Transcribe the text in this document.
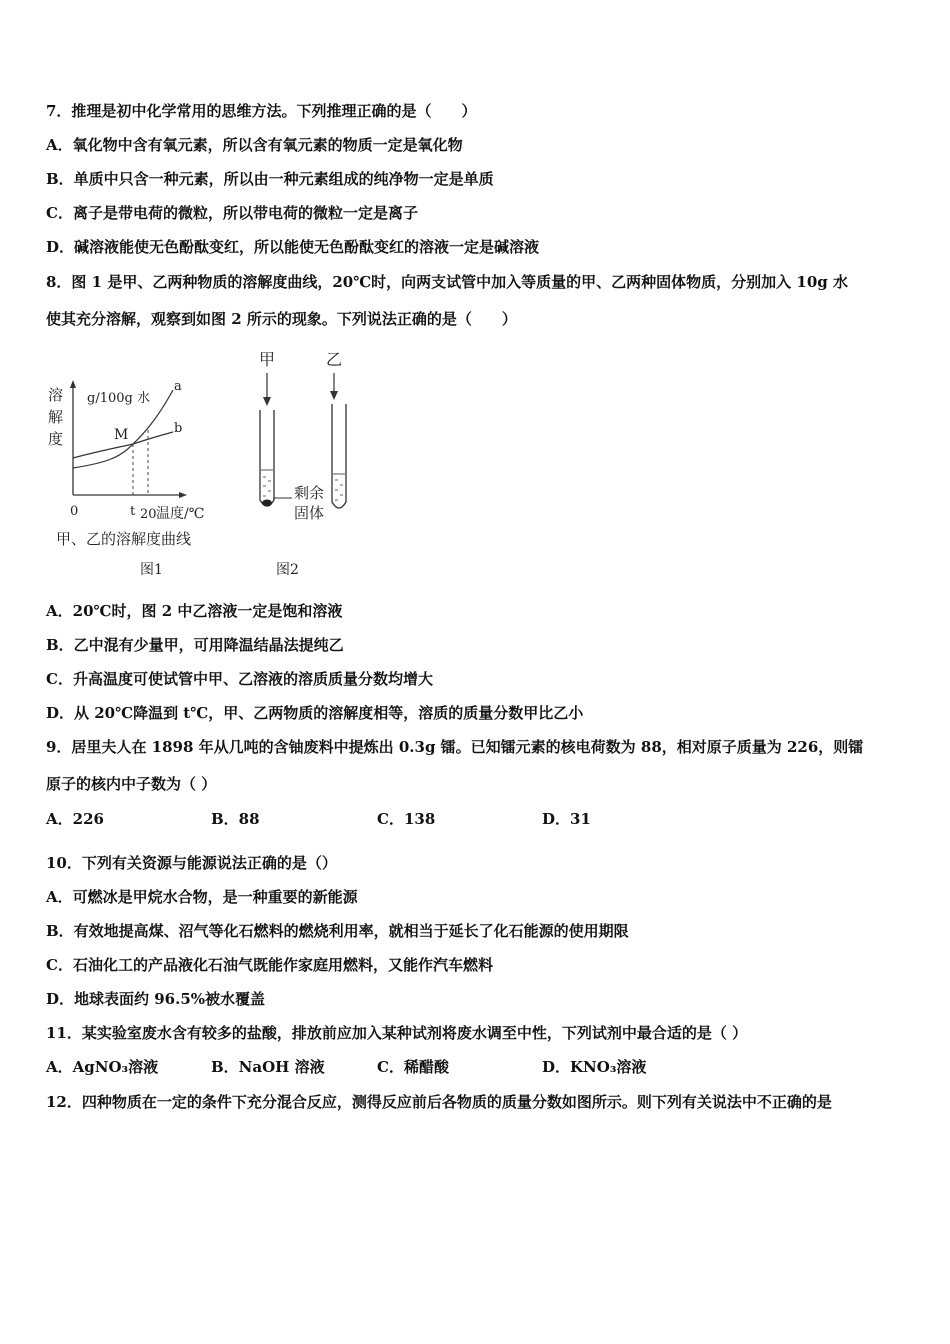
7．推理是初中化学常用的思维方法。下列推理正确的是（　　）
A．氧化物中含有氧元素，所以含有氧元素的物质一定是氧化物
B．单质中只含一种元素，所以由一种元素组成的纯净物一定是单质
C．离子是带电荷的微粒，所以带电荷的微粒一定是离子
D．碱溶液能使无色酚酞变红，所以能使无色酚酞变红的溶液一定是碱溶液
8．图 1 是甲、乙两种物质的溶解度曲线，20℃时，向两支试管中加入等质量的甲、乙两种固体物质，分别加入 10g 水
使其充分溶解，观察到如图 2 所示的现象。下列说法正确的是（　　）
溶
解
度
g/100g 水
a
b
M
0	t 20 温度/℃
甲、乙的溶解度曲线
图1
甲	乙
剩余
固体
图2
A．20℃时，图 2 中乙溶液一定是饱和溶液
B．乙中混有少量甲，可用降温结晶法提纯乙
C．升高温度可使试管中甲、乙溶液的溶质质量分数均增大
D．从 20℃降温到 t℃，甲、乙两物质的溶解度相等，溶质的质量分数甲比乙小
9．居里夫人在 1898 年从几吨的含铀废料中提炼出 0.3g 镭。已知镭元素的核电荷数为 88，相对原子质量为 226，则镭
原子的核内中子数为（ ）
A．226	B．88	C．138	D．31
10．下列有关资源与能源说法正确的是（）
A．可燃冰是甲烷水合物，是一种重要的新能源
B．有效地提高煤、沼气等化石燃料的燃烧利用率，就相当于延长了化石能源的使用期限
C．石油化工的产品液化石油气既能作家庭用燃料，又能作汽车燃料
D．地球表面约 96.5%被水覆盖
11．某实验室废水含有较多的盐酸，排放前应加入某种试剂将废水调至中性，下列试剂中最合适的是（ ）
A．AgNO₃溶液	B．NaOH 溶液	C．稀醋酸	D．KNO₃溶液
12．四种物质在一定的条件下充分混合反应，测得反应前后各物质的质量分数如图所示。则下列有关说法中不正确的是
